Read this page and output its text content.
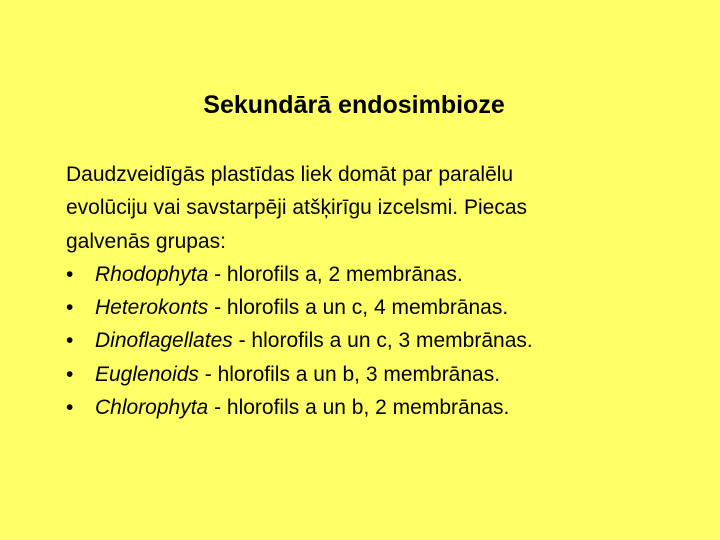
Sekundārā endosimbioze

Daudzveidīgās plastīdas liek domāt par paralēlu
evolūciju vai savstarpēji atšķirīgu izcelsmi. Piecas
galvenās grupas:

• Rhodophyta - hlorofils a, 2 membrānas.
• Heterokonts - hlorofils a un c, 4 membrānas.
• Dinoflagellates - hlorofils a un c, 3 membrānas.
• Euglenoids - hlorofils a un b, 3 membrānas.
• Chlorophyta - hlorofils a un b, 2 membrānas.
